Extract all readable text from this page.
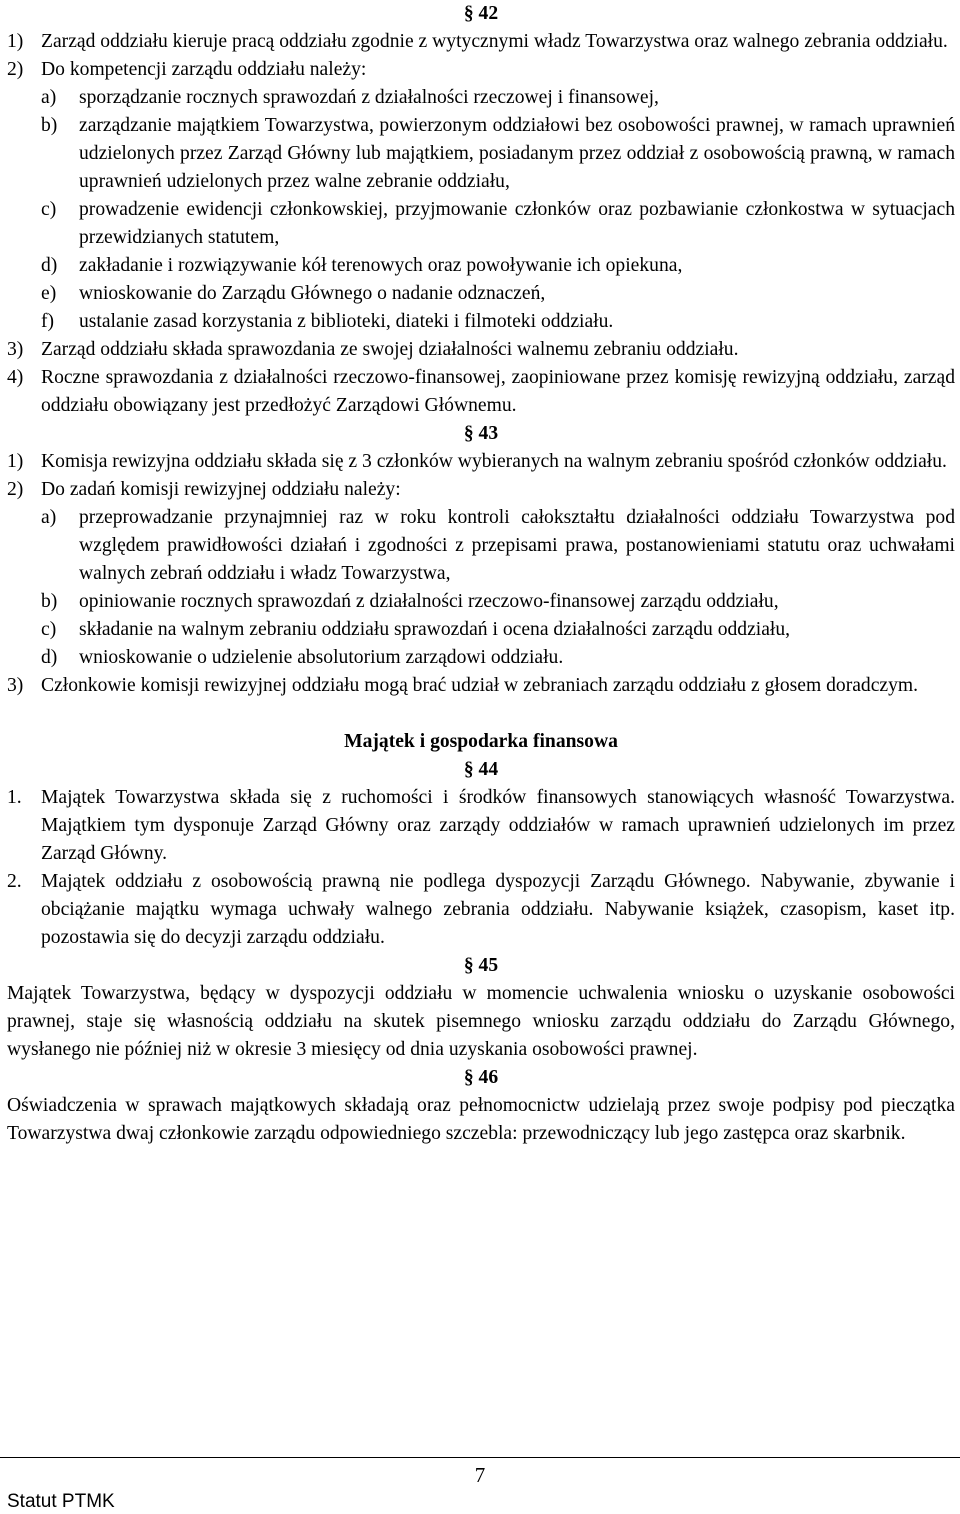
§ 42
1) Zarząd oddziału kieruje pracą oddziału zgodnie z wytycznymi władz Towarzystwa oraz walnego zebrania oddziału.
2) Do kompetencji zarządu oddziału należy:
a)	sporządzanie rocznych sprawozdań z działalności rzeczowej i finansowej,
b)	zarządzanie majątkiem Towarzystwa, powierzonym oddziałowi bez osobowości prawnej, w ramach uprawnień udzielonych przez Zarząd Główny lub majątkiem, posiadanym przez oddział z osobowością prawną, w ramach uprawnień udzielonych przez walne zebranie oddziału,
c)	prowadzenie ewidencji członkowskiej, przyjmowanie członków oraz pozbawianie członkostwa w sytuacjach przewidzianych statutem,
d)	zakładanie i rozwiązywanie kół terenowych oraz powoływanie ich opiekuna,
e)	wnioskowanie do Zarządu Głównego o nadanie odznaczeń,
f)	ustalanie zasad korzystania z biblioteki, diateki i filmoteki oddziału.
3) Zarząd oddziału składa sprawozdania ze swojej działalności walnemu zebraniu oddziału.
4) Roczne sprawozdania z działalności rzeczowo-finansowej, zaopiniowane przez komisję rewizyjną oddziału, zarząd oddziału obowiązany jest przedłożyć Zarządowi Głównemu.
§ 43
1) Komisja rewizyjna oddziału składa się z 3 członków wybieranych na walnym zebraniu spośród członków oddziału.
2) Do zadań komisji rewizyjnej oddziału należy:
a)	przeprowadzanie przynajmniej raz w roku kontroli całokształtu działalności oddziału Towarzystwa pod względem prawidłowości działań i zgodności z przepisami prawa, postanowieniami statutu oraz uchwałami walnych zebrań oddziału i władz Towarzystwa,
b)	opiniowanie rocznych sprawozdań z działalności rzeczowo-finansowej zarządu oddziału,
c)	składanie na walnym zebraniu oddziału sprawozdań i ocena działalności zarządu oddziału,
d)	wnioskowanie o udzielenie absolutorium zarządowi oddziału.
3) Członkowie komisji rewizyjnej oddziału mogą brać udział w zebraniach zarządu oddziału z głosem doradczym.
Majątek i gospodarka finansowa
§ 44
1. Majątek Towarzystwa składa się z ruchomości i środków finansowych stanowiących własność Towarzystwa. Majątkiem tym dysponuje Zarząd Główny oraz zarządy oddziałów w ramach uprawnień udzielonych im przez Zarząd Główny.
2. Majątek oddziału z osobowością prawną nie podlega dyspozycji Zarządu Głównego. Nabywanie, zbywanie i obciążanie majątku wymaga uchwały walnego zebrania oddziału. Nabywanie książek, czasopism, kaset itp. pozostawia się do decyzji zarządu oddziału.
§ 45
Majątek Towarzystwa, będący w dyspozycji oddziału w momencie uchwalenia wniosku o uzyskanie osobowości prawnej, staje się własnością oddziału na skutek pisemnego wniosku zarządu oddziału do Zarządu Głównego, wysłanego nie później niż w okresie 3 miesięcy od dnia uzyskania osobowości prawnej.
§ 46
Oświadczenia w sprawach majątkowych składają oraz pełnomocnictw udzielają przez swoje podpisy pod pieczątka Towarzystwa dwaj członkowie zarządu odpowiedniego szczebla: przewodniczący lub jego zastępca oraz skarbnik.
7
Statut PTMK
